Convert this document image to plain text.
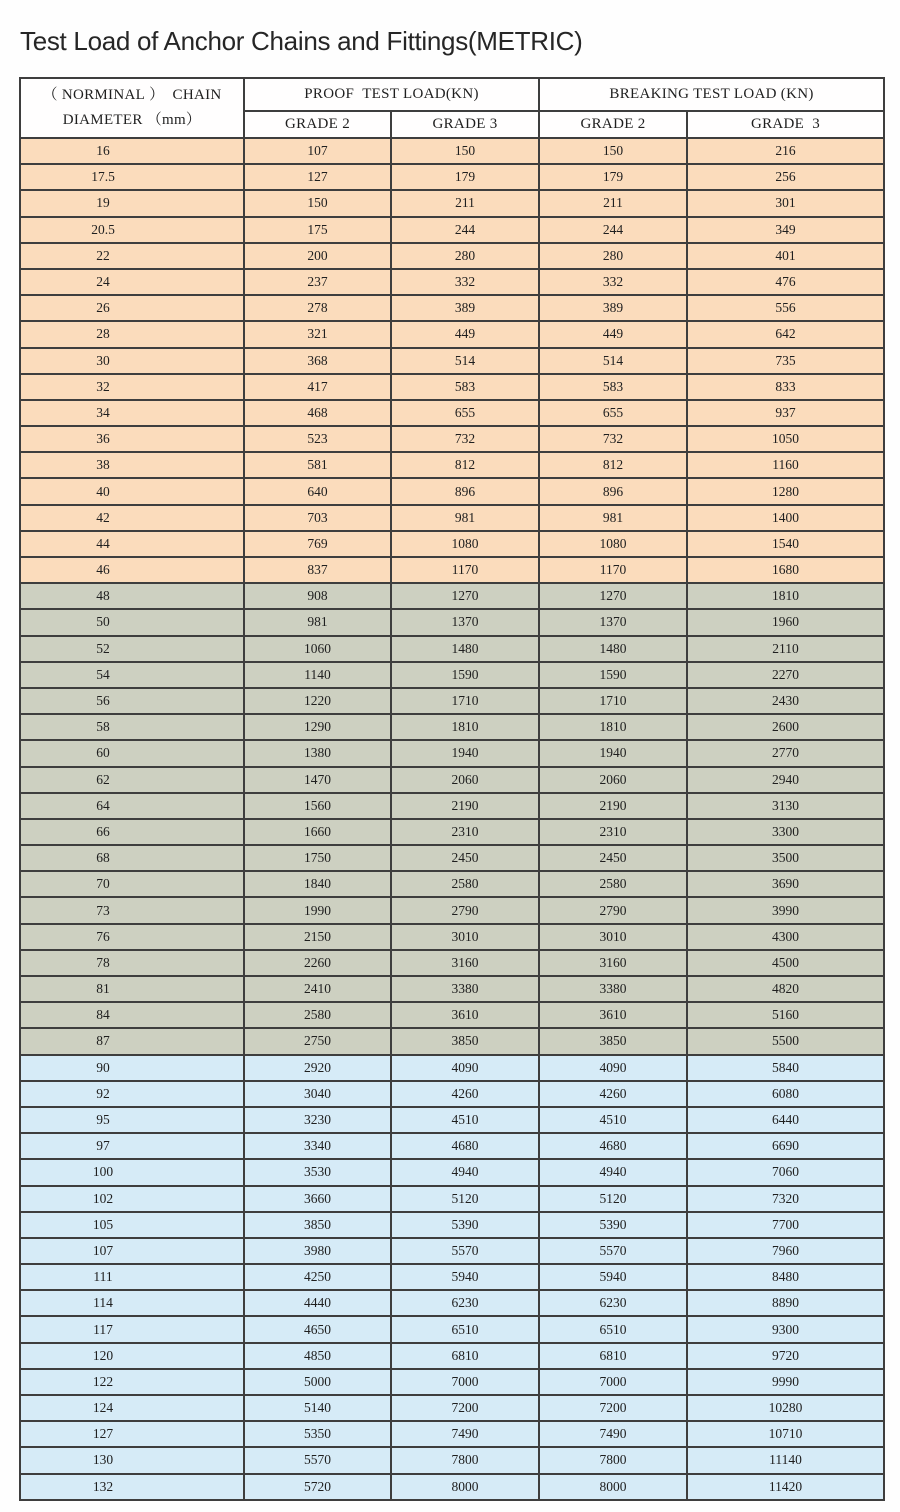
Test Load of Anchor Chains and Fittings(METRIC)
（ NORMINAL ）  CHAIN
DIAMETER （mm）	PROOF  TEST LOAD(KN)		BREAKING TEST LOAD (KN)	
	GRADE 2	GRADE 3	GRADE 2	GRADE  3
16	107	150	150	216
17.5	127	179	179	256
19	150	211	211	301
20.5	175	244	244	349
22	200	280	280	401
24	237	332	332	476
26	278	389	389	556
28	321	449	449	642
30	368	514	514	735
32	417	583	583	833
34	468	655	655	937
36	523	732	732	1050
38	581	812	812	1160
40	640	896	896	1280
42	703	981	981	1400
44	769	1080	1080	1540
46	837	1170	1170	1680
48	908	1270	1270	1810
50	981	1370	1370	1960
52	1060	1480	1480	2110
54	1140	1590	1590	2270
56	1220	1710	1710	2430
58	1290	1810	1810	2600
60	1380	1940	1940	2770
62	1470	2060	2060	2940
64	1560	2190	2190	3130
66	1660	2310	2310	3300
68	1750	2450	2450	3500
70	1840	2580	2580	3690
73	1990	2790	2790	3990
76	2150	3010	3010	4300
78	2260	3160	3160	4500
81	2410	3380	3380	4820
84	2580	3610	3610	5160
87	2750	3850	3850	5500
90	2920	4090	4090	5840
92	3040	4260	4260	6080
95	3230	4510	4510	6440
97	3340	4680	4680	6690
100	3530	4940	4940	7060
102	3660	5120	5120	7320
105	3850	5390	5390	7700
107	3980	5570	5570	7960
111	4250	5940	5940	8480
114	4440	6230	6230	8890
117	4650	6510	6510	9300
120	4850	6810	6810	9720
122	5000	7000	7000	9990
124	5140	7200	7200	10280
127	5350	7490	7490	10710
130	5570	7800	7800	11140
132	5720	8000	8000	11420
